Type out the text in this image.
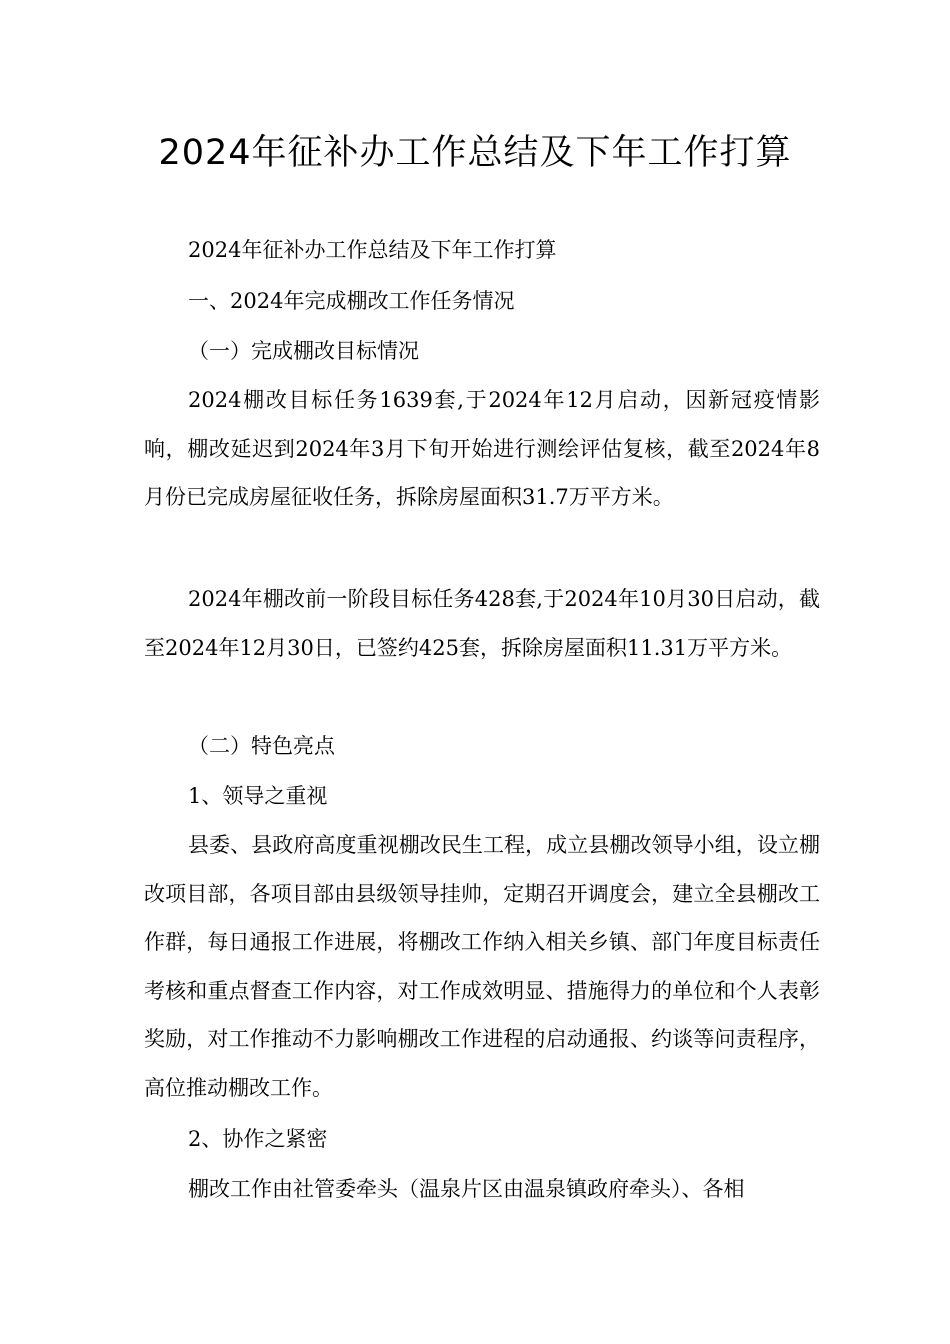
2024年征补办工作总结及下年工作打算

2024年征补办工作总结及下年工作打算

一、2024年完成棚改工作任务情况

（一）完成棚改目标情况

2024棚改目标任务1639套,于2024年12月启动，因新冠疫情影响，棚改延迟到2024年3月下旬开始进行测绘评估复核，截至2024年8月份已完成房屋征收任务，拆除房屋面积31.7万平方米。

2024年棚改前一阶段目标任务428套,于2024年10月30日启动，截至2024年12月30日，已签约425套，拆除房屋面积11.31万平方米。

（二）特色亮点

1、领导之重视

县委、县政府高度重视棚改民生工程，成立县棚改领导小组，设立棚改项目部，各项目部由县级领导挂帅，定期召开调度会，建立全县棚改工作群，每日通报工作进展，将棚改工作纳入相关乡镇、部门年度目标责任考核和重点督查工作内容，对工作成效明显、措施得力的单位和个人表彰奖励，对工作推动不力影响棚改工作进程的启动通报、约谈等问责程序，高位推动棚改工作。

2、协作之紧密

棚改工作由社管委牵头（温泉片区由温泉镇政府牵头）、各相
